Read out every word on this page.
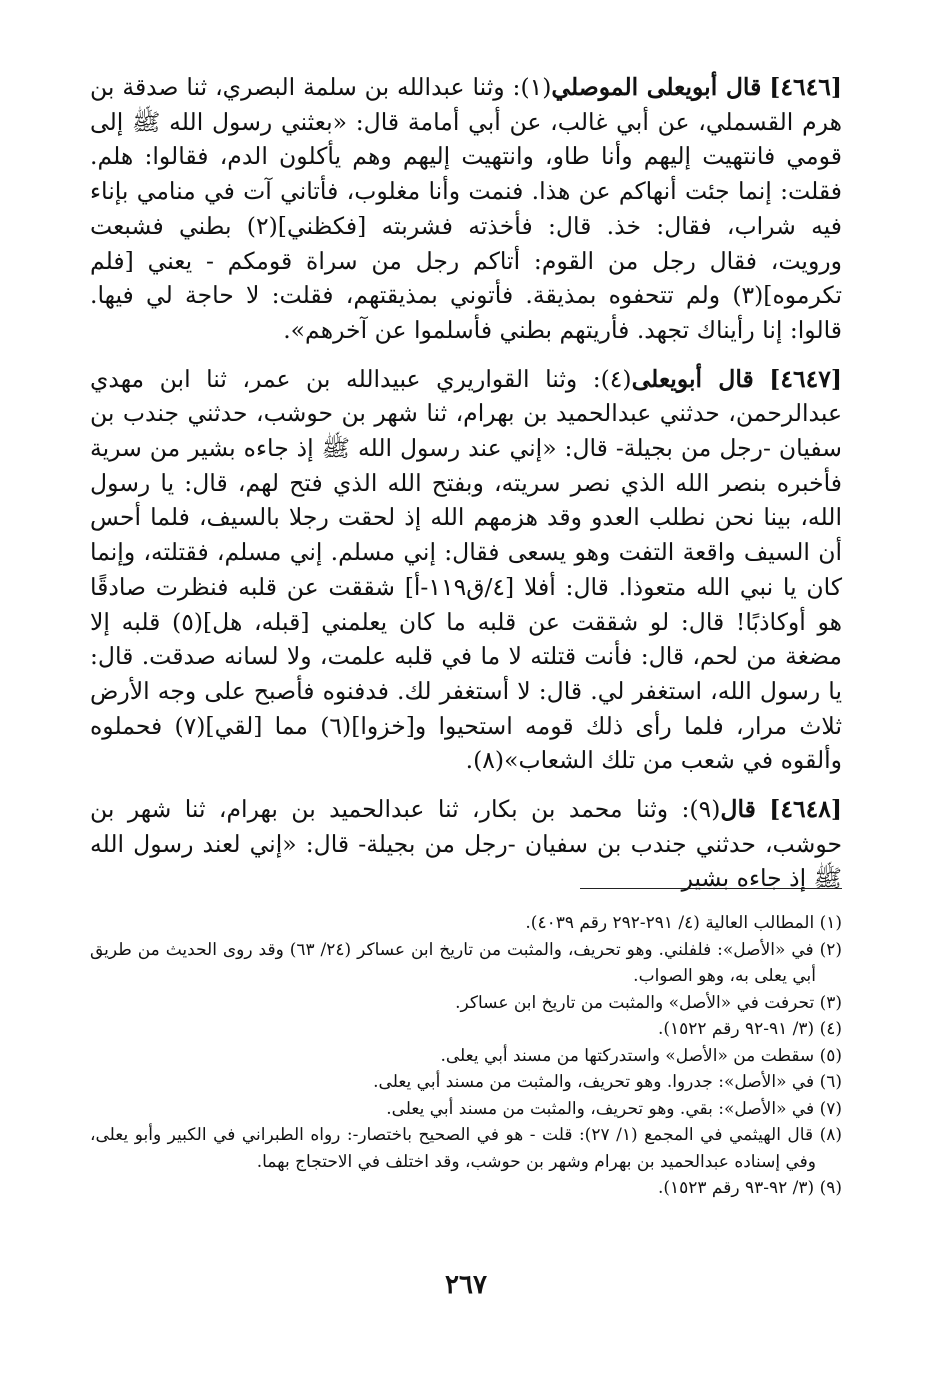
[٤٦٤٦] قال أبويعلى الموصلي(١): وثنا عبدالله بن سلمة البصري، ثنا صدقة بن هرم القسملي، عن أبي غالب، عن أبي أمامة قال: «بعثني رسول الله ﷺ إلى قومي فانتهيت إليهم وأنا طاو، وانتهيت إليهم وهم يأكلون الدم، فقالوا: هلم. فقلت: إنما جئت أنهاكم عن هذا. فنمت وأنا مغلوب، فأتاني آت في منامي بإناء فيه شراب، فقال: خذ. قال: فأخذته فشربته [فكظني](٢) بطني فشبعت ورويت، فقال رجل من القوم: أتاكم رجل من سراة قومكم - يعني [فلم تكرموه](٣) ولم تتحفوه بمذيقة. فأتوني بمذيقتهم، فقلت: لا حاجة لي فيها. قالوا: إنا رأيناك تجهد. فأريتهم بطني فأسلموا عن آخرهم».

[٤٦٤٧] قال أبويعلى(٤): وثنا القواريري عبيدالله بن عمر، ثنا ابن مهدي عبدالرحمن، حدثني عبدالحميد بن بهرام، ثنا شهر بن حوشب، حدثني جندب بن سفيان -رجل من بجيلة- قال: «إني عند رسول الله ﷺ إذ جاءه بشير من سرية فأخبره بنصر الله الذي نصر سريته، وبفتح الله الذي فتح لهم، قال: يا رسول الله، بينا نحن نطلب العدو وقد هزمهم الله إذ لحقت رجلا بالسيف، فلما أحس أن السيف واقعة التفت وهو يسعى فقال: إني مسلم. إني مسلم، فقتلته، وإنما كان يا نبي الله متعوذا. قال: أفلا [٤/ق١١٩-أ] شققت عن قلبه فنظرت صادقًا هو أوكاذبًا! قال: لو شققت عن قلبه ما كان يعلمني [قبله، هل](٥) قلبه إلا مضغة من لحم، قال: فأنت قتلته لا ما في قلبه علمت، ولا لسانه صدقت. قال: يا رسول الله، استغفر لي. قال: لا أستغفر لك. فدفنوه فأصبح على وجه الأرض ثلاث مرار، فلما رأى ذلك قومه استحيوا و[خزوا](٦) مما [لقي](٧) فحملوه وألقوه في شعب من تلك الشعاب»(٨).

[٤٦٤٨] قال(٩): وثنا محمد بن بكار، ثنا عبدالحميد بن بهرام، ثنا شهر بن حوشب، حدثني جندب بن سفيان -رجل من بجيلة- قال: «إني لعند رسول الله ﷺ إذ جاءه بشير

(١) المطالب العالية (٤/ ٢٩١-٢٩٢ رقم ٤٠٣٩).

(٢) في «الأصل»: فلفلني. وهو تحريف، والمثبت من تاريخ ابن عساكر (٢٤/ ٦٣) وقد روى الحديث من طريق أبي يعلى به، وهو الصواب.

(٣) تحرفت في «الأصل» والمثبت من تاريخ ابن عساكر.

(٤) (٣/ ٩١-٩٢ رقم ١٥٢٢).

(٥) سقطت من «الأصل» واستدركتها من مسند أبي يعلى.

(٦) في «الأصل»: جدروا. وهو تحريف، والمثبت من مسند أبي يعلى.

(٧) في «الأصل»: بقي. وهو تحريف، والمثبت من مسند أبي يعلى.

(٨) قال الهيثمي في المجمع (١/ ٢٧): قلت - هو في الصحيح باختصار-: رواه الطبراني في الكبير وأبو يعلى، وفي إسناده عبدالحميد بن بهرام وشهر بن حوشب، وقد اختلف في الاحتجاج بهما.

(٩) (٣/ ٩٢-٩٣ رقم ١٥٢٣).

٢٦٧
